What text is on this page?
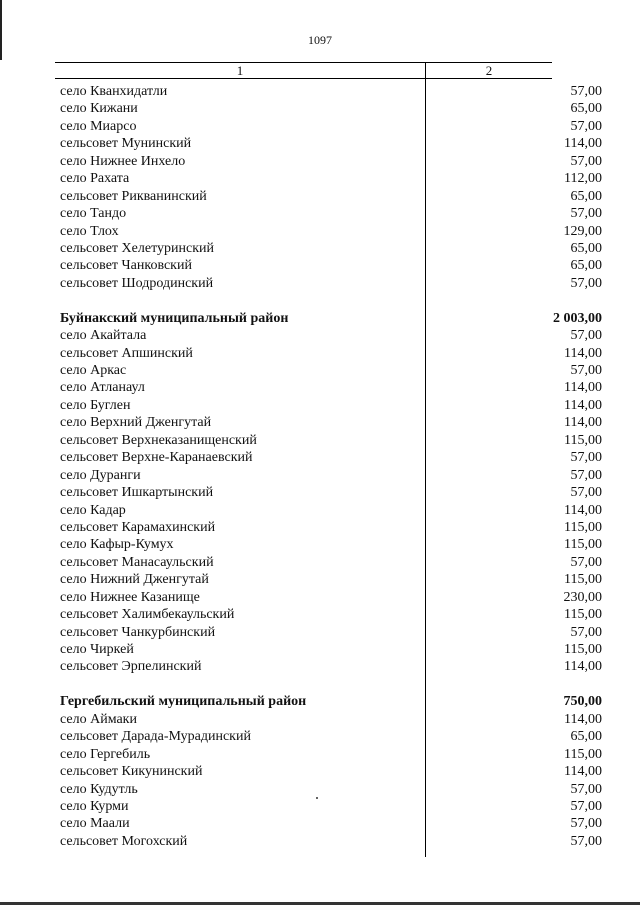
1097
1	2
село Кванхидатли	57,00
село Кижани	65,00
село Миарсо	57,00
сельсовет Мунинский	114,00
село Нижнее Инхело	57,00
село Рахата	112,00
сельсовет Рикванинский	65,00
село Тандо	57,00
село Тлох	129,00
сельсовет Хелетуринский	65,00
сельсовет Чанковский	65,00
сельсовет Шодродинский	57,00
Буйнакский муниципальный район	2 003,00
село Акайтала	57,00
сельсовет Апшинский	114,00
село Аркас	57,00
село Атланаул	114,00
село Буглен	114,00
село Верхний Дженгутай	114,00
сельсовет Верхнеказанищенский	115,00
сельсовет Верхне-Каранаевский	57,00
село Дуранги	57,00
сельсовет Ишкартынский	57,00
село Кадар	114,00
сельсовет Карамахинский	115,00
село Кафыр-Кумух	115,00
сельсовет Манасаульский	57,00
село Нижний Дженгутай	115,00
село Нижнее Казанище	230,00
сельсовет Халимбекаульский	115,00
сельсовет Чанкурбинский	57,00
село Чиркей	115,00
сельсовет Эрпелинский	114,00
Гергебильский муниципальный район	750,00
село Аймаки	114,00
сельсовет Дарада-Мурадинский	65,00
село Гергебиль	115,00
сельсовет Кикунинский	114,00
село Кудутль	57,00
село Курми	57,00
село Маали	57,00
сельсовет Могохский	57,00
